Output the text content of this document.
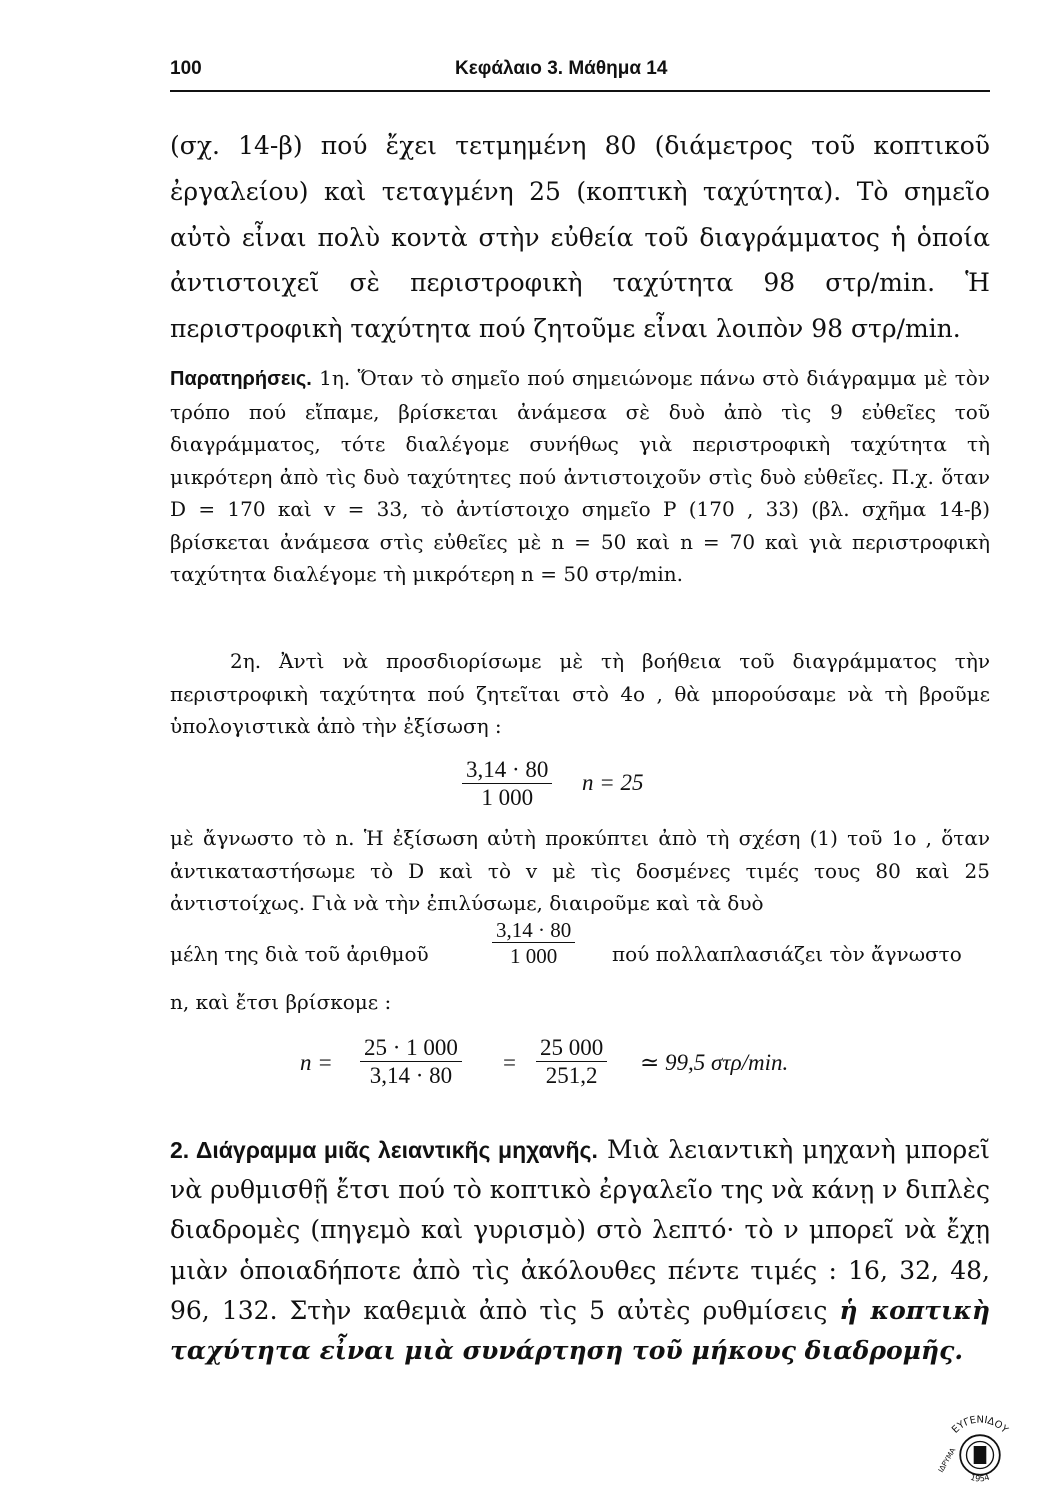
100	Κεφάλαιο 3. Μάθημα 14

(σχ. 14-β) πού ἔχει τετμημένη 80 (διάμετρος τοῦ κοπτικοῦ ἐργαλείου) καὶ τεταγμένη 25 (κοπτικὴ ταχύτητα). Τὸ σημεῖο αὐτὸ εἶναι πολὺ κοντὰ στὴν εὐθεία τοῦ διαγράμματος ἡ ὁποία ἀντιστοιχεῖ σὲ περιστροφικὴ ταχύτητα 98 στρ/min. Ἡ περιστροφικὴ ταχύτητα πού ζητοῦμε εἶναι λοιπὸν 98 στρ/min.

Παρατηρήσεις. 1η. Ὅταν τὸ σημεῖο πού σημειώνομε πάνω στὸ διάγραμμα μὲ τὸν τρόπο πού εἴπαμε, βρίσκεται ἀνάμεσα σὲ δυὸ ἀπὸ τὶς 9 εὐθεῖες τοῦ διαγράμματος, τότε διαλέγομε συνήθως γιὰ περιστροφικὴ ταχύτητα τὴ μικρότερη ἀπὸ τὶς δυὸ ταχύτητες πού ἀντιστοιχοῦν στὶς δυὸ εὐθεῖες. Π.χ. ὅταν D = 170 καὶ v = 33, τὸ ἀντίστοιχο σημεῖο P (170 , 33) (βλ. σχῆμα 14-β) βρίσκεται ἀνάμεσα στὶς εὐθεῖες μὲ n = 50 καὶ n = 70 καὶ γιὰ περιστροφικὴ ταχύτητα διαλέγομε τὴ μικρότερη n = 50 στρ/min.

2η. Ἀντὶ νὰ προσδιορίσωμε μὲ τὴ βοήθεια τοῦ διαγράμματος τὴν περιστροφικὴ ταχύτητα πού ζητεῖται στὸ 4ο , θὰ μπορούσαμε νὰ τὴ βροῦμε ὑπολογιστικὰ ἀπὸ τὴν ἐξίσωση :

$\frac{3,14 \cdot 80}{1 000}$ n = 25

μὲ ἄγνωστο τὸ n. Ἡ ἐξίσωση αὐτὴ προκύπτει ἀπὸ τὴ σχέση (1) τοῦ 1ο , ὅταν ἀντικαταστήσωμε τὸ D καὶ τὸ v μὲ τὶς δοσμένες τιμές τους 80 καὶ 25 ἀντιστοίχως. Γιὰ νὰ τὴν ἐπιλύσωμε, διαιροῦμε καὶ τὰ δυὸ

μέλη της διὰ τοῦ ἀριθμοῦ	$\frac{3,14 \cdot 80}{1 000}$ πού πολλαπλασιάζει τὸν ἄγνωστο
n, καὶ ἔτσι βρίσκομε :
$n = \frac{25 \cdot 1 000}{3,14 \cdot 80} = \frac{25 000}{251,2}$ ≃ 99,5 στρ/min.

2. Διάγραμμα μιᾶς λειαντικῆς μηχανῆς. Μιὰ λειαντικὴ μηχανὴ μπορεῖ νὰ ρυθμισθῇ ἔτσι πού τὸ κοπτικὸ ἐργαλεῖο της νὰ κάνῃ ν διπλὲς διαδρομὲς (πηγεμὸ καὶ γυρισμὸ) στὸ λεπτό· τὸ ν μπορεῖ νὰ ἔχῃ μιὰν ὁποιαδήποτε ἀπὸ τὶς ἀκόλουθες πέντε τιμές : 16, 32, 48, 96, 132. Στὴν καθεμιὰ ἀπὸ τὶς 5 αὐτὲς ρυθμίσεις ἡ κοπτικὴ ταχύτητα εἶναι μιὰ συνάρτηση τοῦ μήκους διαδρομῆς.

ΕΥΓΕΝΙΔΟΥ
1954
ΙΔΡΥΜΑ
